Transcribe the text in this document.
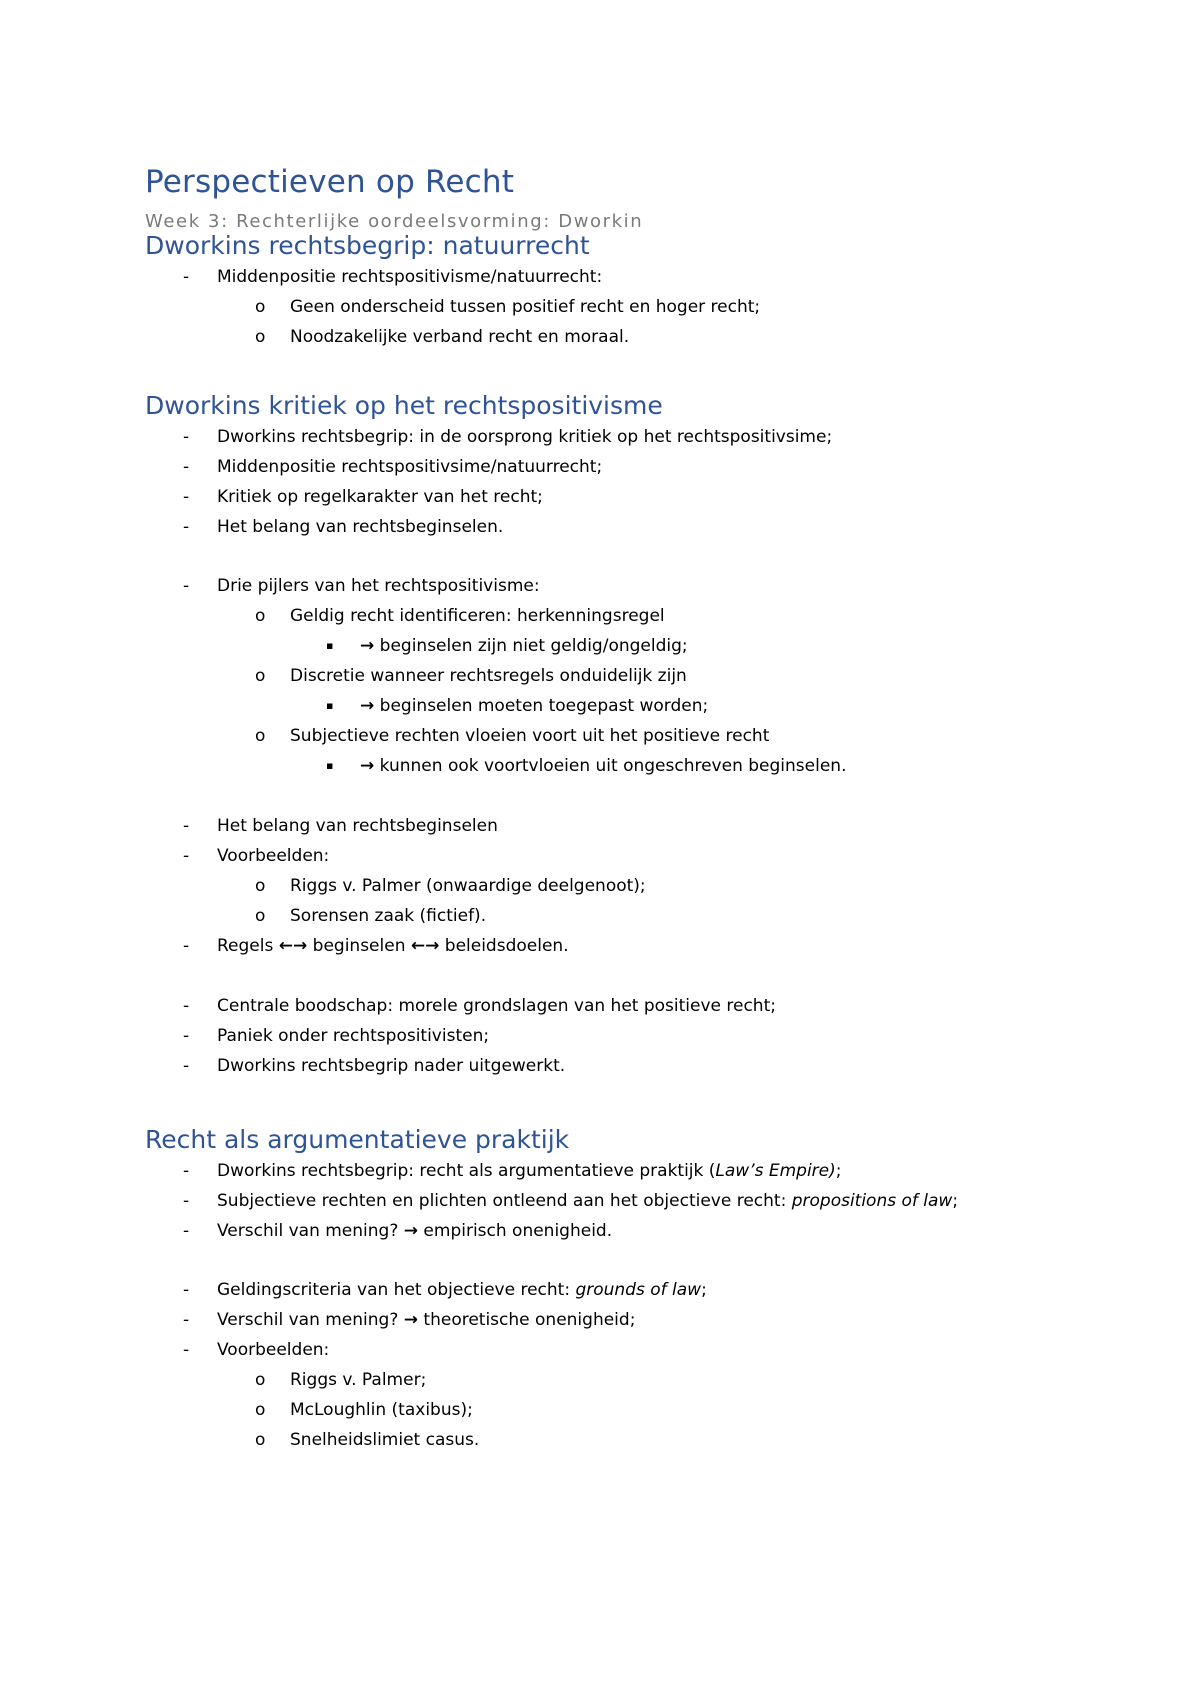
Perspectieven op Recht
Week 3: Rechterlijke oordeelsvorming: Dworkin
Dworkins rechtsbegrip: natuurrecht
- Middenpositie rechtspositivisme/natuurrecht:
o Geen onderscheid tussen positief recht en hoger recht;
o Noodzakelijke verband recht en moraal.
Dworkins kritiek op het rechtspositivisme
- Dworkins rechtsbegrip: in de oorsprong kritiek op het rechtspositivsime;
- Middenpositie rechtspositivsime/natuurrecht;
- Kritiek op regelkarakter van het recht;
- Het belang van rechtsbeginselen.
- Drie pijlers van het rechtspositivisme:
o Geldig recht identificeren: herkenningsregel
▪ → beginselen zijn niet geldig/ongeldig;
o Discretie wanneer rechtsregels onduidelijk zijn
▪ → beginselen moeten toegepast worden;
o Subjectieve rechten vloeien voort uit het positieve recht
▪ → kunnen ook voortvloeien uit ongeschreven beginselen.
- Het belang van rechtsbeginselen
- Voorbeelden:
o Riggs v. Palmer (onwaardige deelgenoot);
o Sorensen zaak (fictief).
- Regels ←→ beginselen ←→ beleidsdoelen.
- Centrale boodschap: morele grondslagen van het positieve recht;
- Paniek onder rechtspositivisten;
- Dworkins rechtsbegrip nader uitgewerkt.
Recht als argumentatieve praktijk
- Dworkins rechtsbegrip: recht als argumentatieve praktijk (Law’s Empire);
- Subjectieve rechten en plichten ontleend aan het objectieve recht: propositions of law;
- Verschil van mening? → empirisch onenigheid.
- Geldingscriteria van het objectieve recht: grounds of law;
- Verschil van mening? → theoretische onenigheid;
- Voorbeelden:
o Riggs v. Palmer;
o McLoughlin (taxibus);
o Snelheidslimiet casus.
